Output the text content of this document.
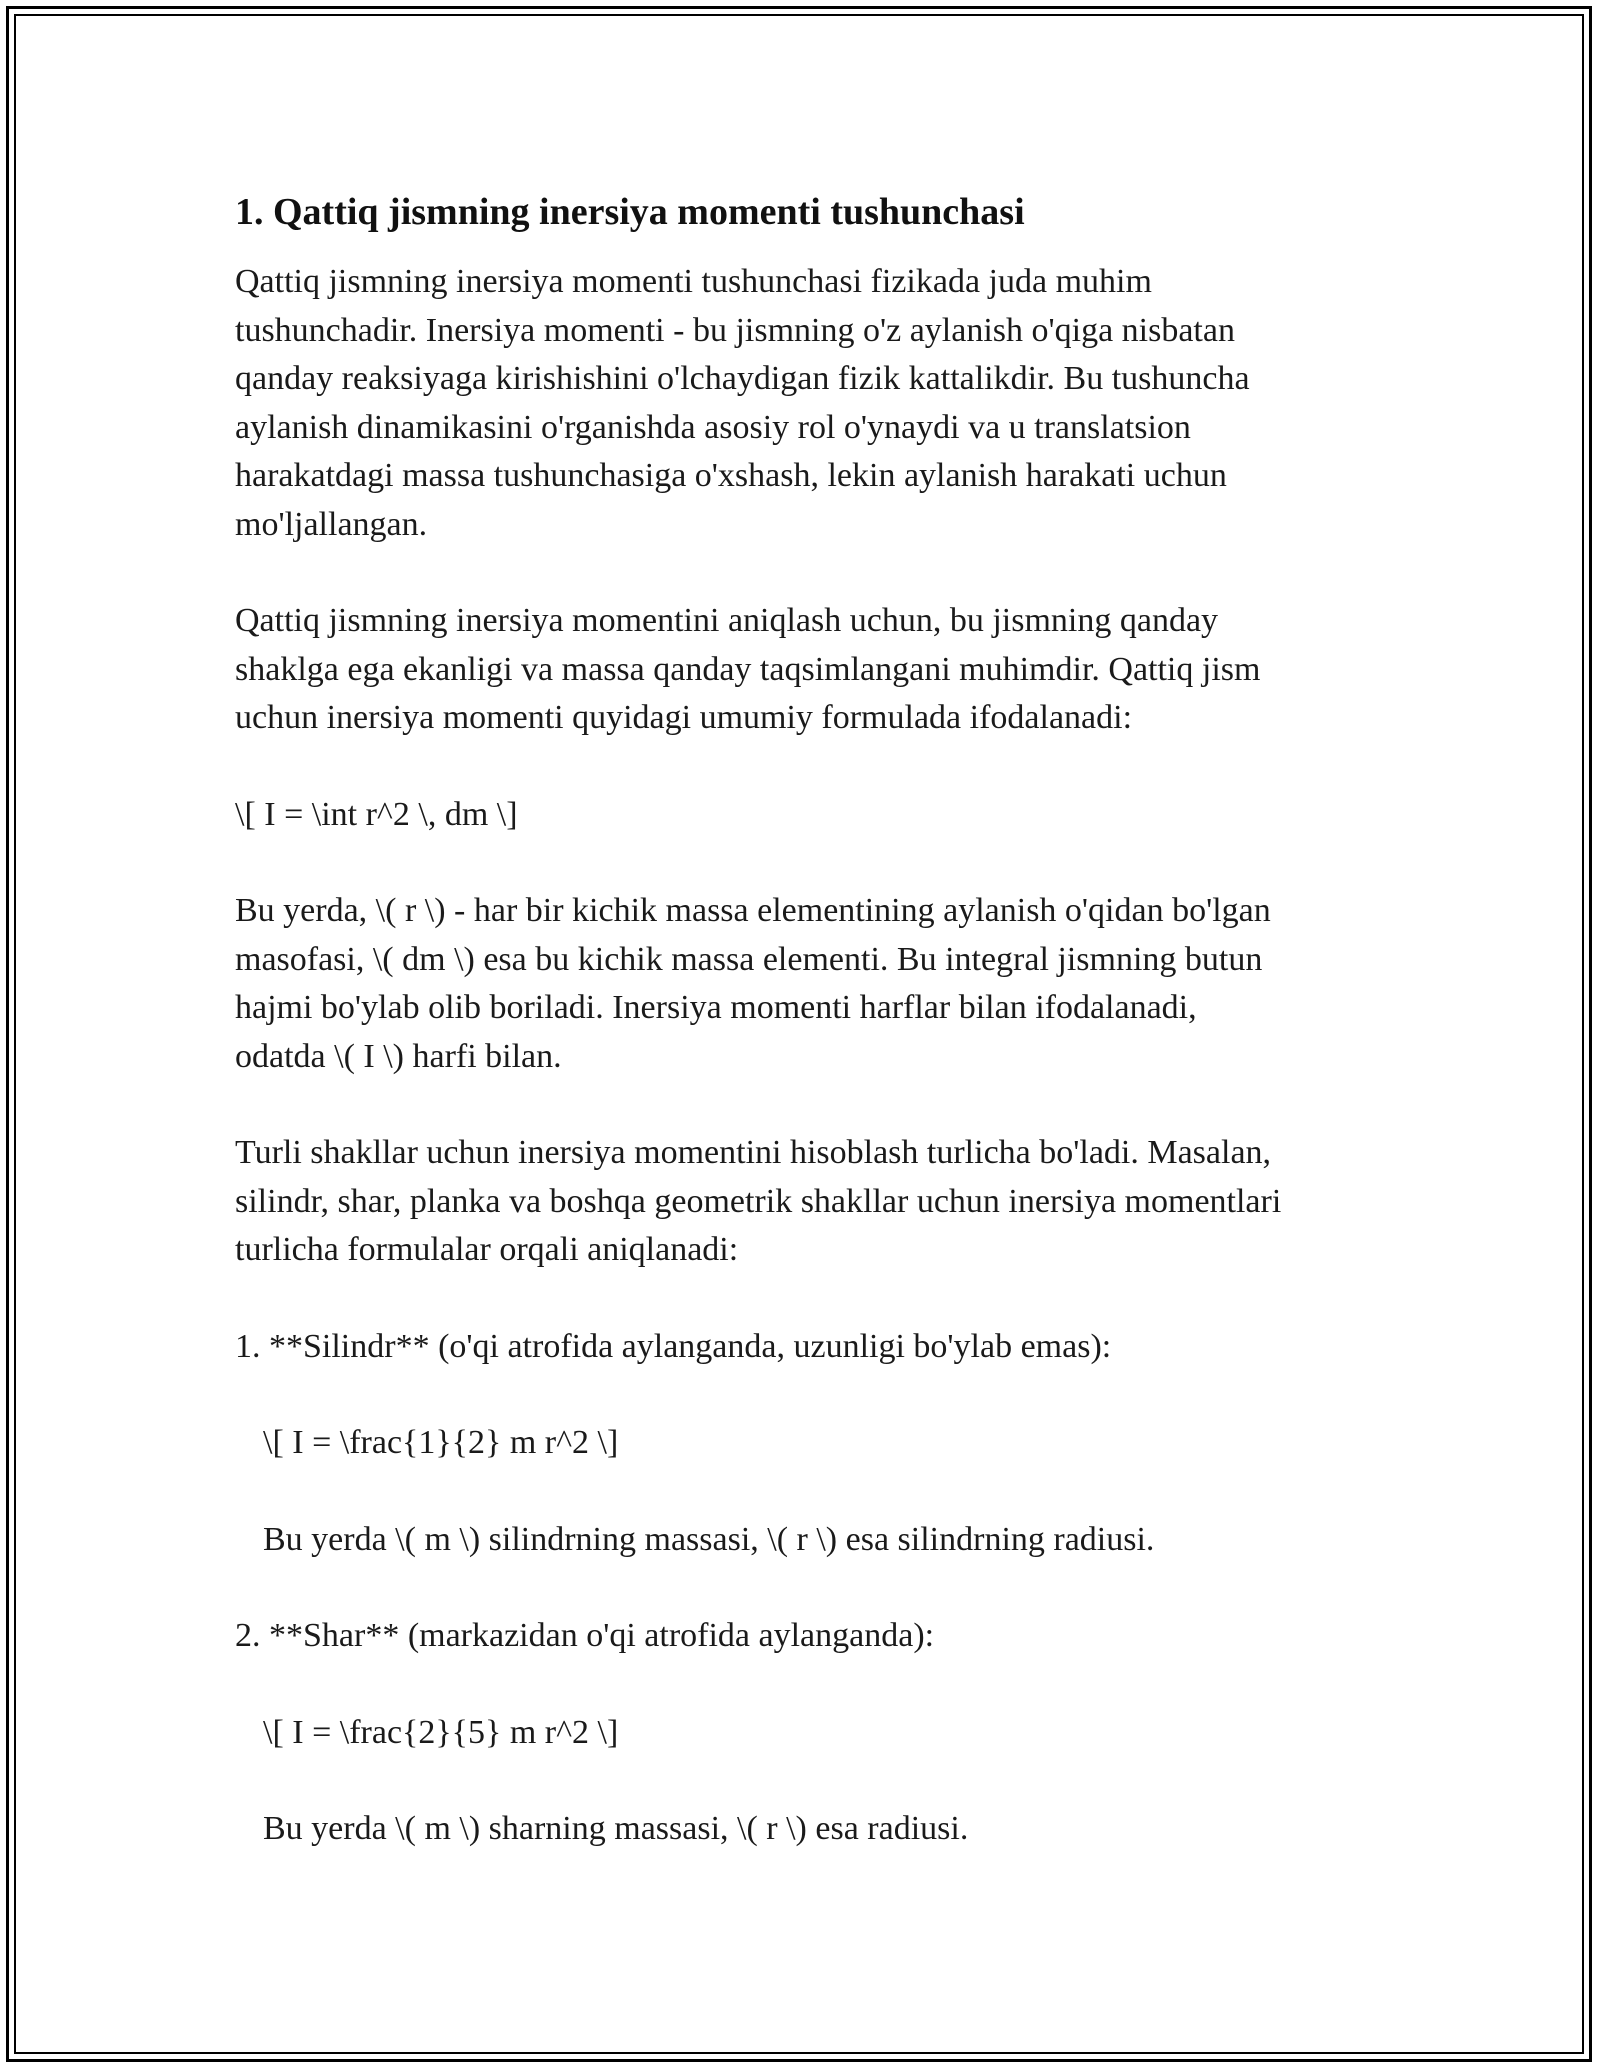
1. Qattiq jismning inersiya momenti tushunchasi
Qattiq jismning inersiya momenti tushunchasi fizikada juda muhim
tushunchadir. Inersiya momenti - bu jismning o'z aylanish o'qiga nisbatan
qanday reaksiyaga kirishishini o'lchaydigan fizik kattalikdir. Bu tushuncha
aylanish dinamikasini o'rganishda asosiy rol o'ynaydi va u translatsion
harakatdagi massa tushunchasiga o'xshash, lekin aylanish harakati uchun
mo'ljallangan.
Qattiq jismning inersiya momentini aniqlash uchun, bu jismning qanday
shaklga ega ekanligi va massa qanday taqsimlangani muhimdir. Qattiq jism
uchun inersiya momenti quyidagi umumiy formulada ifodalanadi:
\[ I = \int r^2 \, dm \]
Bu yerda, \( r \) - har bir kichik massa elementining aylanish o'qidan bo'lgan
masofasi, \( dm \) esa bu kichik massa elementi. Bu integral jismning butun
hajmi bo'ylab olib boriladi. Inersiya momenti harflar bilan ifodalanadi,
odatda \( I \) harfi bilan.
Turli shakllar uchun inersiya momentini hisoblash turlicha bo'ladi. Masalan,
silindr, shar, planka va boshqa geometrik shakllar uchun inersiya momentlari
turlicha formulalar orqali aniqlanadi:
1. **Silindr** (o'qi atrofida aylanganda, uzunligi bo'ylab emas):
\[ I = \frac{1}{2} m r^2 \]
Bu yerda \( m \) silindrning massasi, \( r \) esa silindrning radiusi.
2. **Shar** (markazidan o'qi atrofida aylanganda):
\[ I = \frac{2}{5} m r^2 \]
Bu yerda \( m \) sharning massasi, \( r \) esa radiusi.
